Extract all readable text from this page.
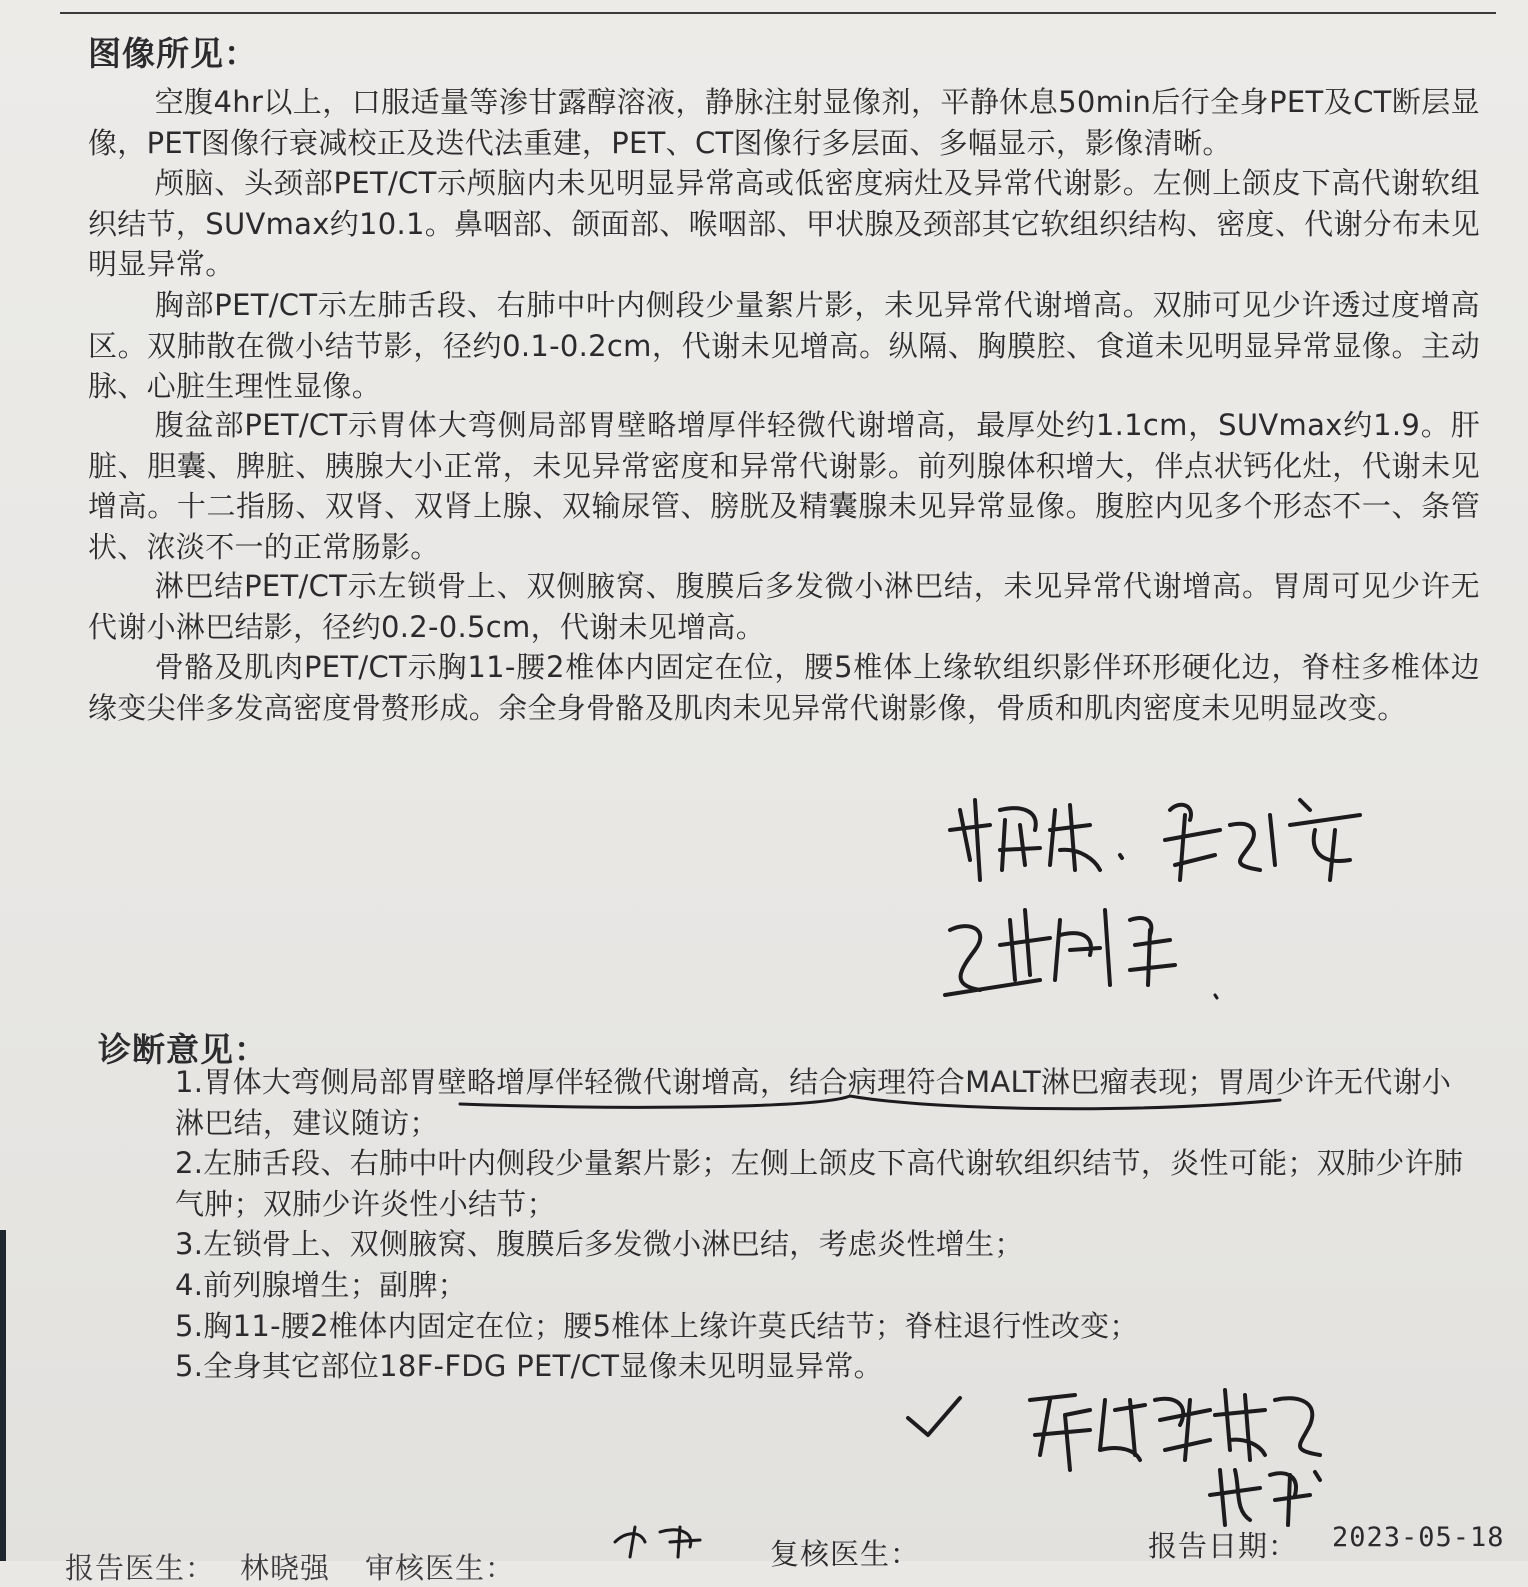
图像所见：
空腹4hr以上，口服适量等渗甘露醇溶液，静脉注射显像剂，平静休息50min后行全身PET及CT断层显像，PET图像行衰减校正及迭代法重建，PET、CT图像行多层面、多幅显示，影像清晰。
颅脑、头颈部PET/CT示颅脑内未见明显异常高或低密度病灶及异常代谢影。左侧上颌皮下高代谢软组织结节，SUVmax约10.1。鼻咽部、颌面部、喉咽部、甲状腺及颈部其它软组织结构、密度、代谢分布未见明显异常。
胸部PET/CT示左肺舌段、右肺中叶内侧段少量絮片影，未见异常代谢增高。双肺可见少许透过度增高区。双肺散在微小结节影，径约0.1-0.2cm，代谢未见增高。纵隔、胸膜腔、食道未见明显异常显像。主动脉、心脏生理性显像。
腹盆部PET/CT示胃体大弯侧局部胃壁略增厚伴轻微代谢增高，最厚处约1.1cm，SUVmax约1.9。肝脏、胆囊、脾脏、胰腺大小正常，未见异常密度和异常代谢影。前列腺体积增大，伴点状钙化灶，代谢未见增高。十二指肠、双肾、双肾上腺、双输尿管、膀胱及精囊腺未见异常显像。腹腔内见多个形态不一、条管状、浓淡不一的正常肠影。
淋巴结PET/CT示左锁骨上、双侧腋窝、腹膜后多发微小淋巴结，未见异常代谢增高。胃周可见少许无代谢小淋巴结影，径约0.2-0.5cm，代谢未见增高。
骨骼及肌肉PET/CT示胸11-腰2椎体内固定在位，腰5椎体上缘软组织影伴环形硬化边，脊柱多椎体边缘变尖伴多发高密度骨赘形成。余全身骨骼及肌肉未见异常代谢影像，骨质和肌肉密度未见明显改变。
诊断意见：
1.胃体大弯侧局部胃壁略增厚伴轻微代谢增高，结合病理符合MALT淋巴瘤表现；胃周少许无代谢小淋巴结，建议随访；
2.左肺舌段、右肺中叶内侧段少量絮片影；左侧上颌皮下高代谢软组织结节，炎性可能；双肺少许肺气肿；双肺少许炎性小结节；
3.左锁骨上、双侧腋窝、腹膜后多发微小淋巴结，考虑炎性增生；
4.前列腺增生；副脾；
5.胸11-腰2椎体内固定在位；腰5椎体上缘许莫氏结节；脊柱退行性改变；
5.全身其它部位18F-FDG PET/CT显像未见明显异常。
报告医生： 林晓强 审核医生：	复核医生：	报告日期： 2023-05-18
